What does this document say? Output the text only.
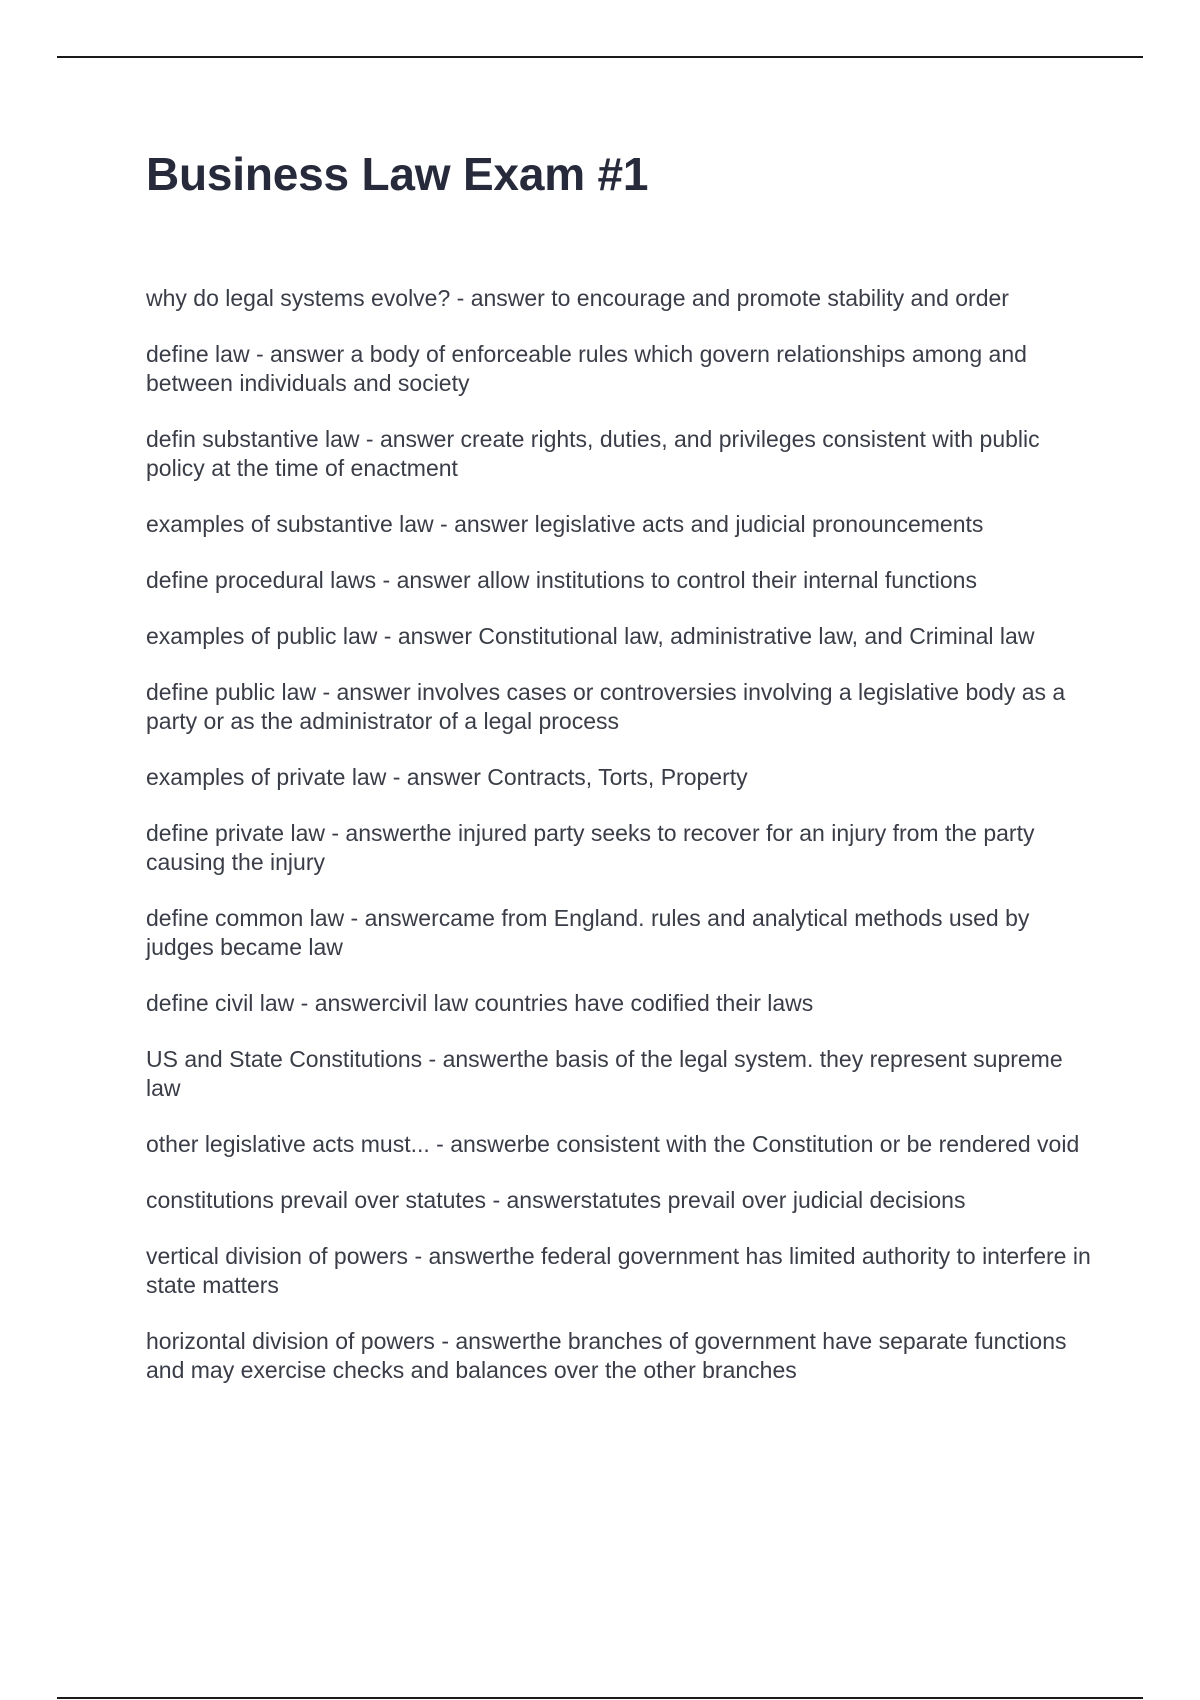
Business Law Exam #1

why do legal systems evolve? - answer to encourage and promote stability and order

define law - answer a body of enforceable rules which govern relationships among and between individuals and society

defin substantive law - answer create rights, duties, and privileges consistent with public policy at the time of enactment

examples of substantive law - answer legislative acts and judicial pronouncements

define procedural laws - answer allow institutions to control their internal functions

examples of public law - answer Constitutional law, administrative law, and Criminal law

define public law - answer involves cases or controversies involving a legislative body as a party or as the administrator of a legal process

examples of private law - answer Contracts, Torts, Property

define private law - answerthe injured party seeks to recover for an injury from the party causing the injury

define common law - answercame from England. rules and analytical methods used by judges became law

define civil law - answercivil law countries have codified their laws

US and State Constitutions - answerthe basis of the legal system. they represent supreme law

other legislative acts must... - answerbe consistent with the Constitution or be rendered void

constitutions prevail over statutes - answerstatutes prevail over judicial decisions

vertical division of powers - answerthe federal government has limited authority to interfere in state matters

horizontal division of powers - answerthe branches of government have separate functions and may exercise checks and balances over the other branches
